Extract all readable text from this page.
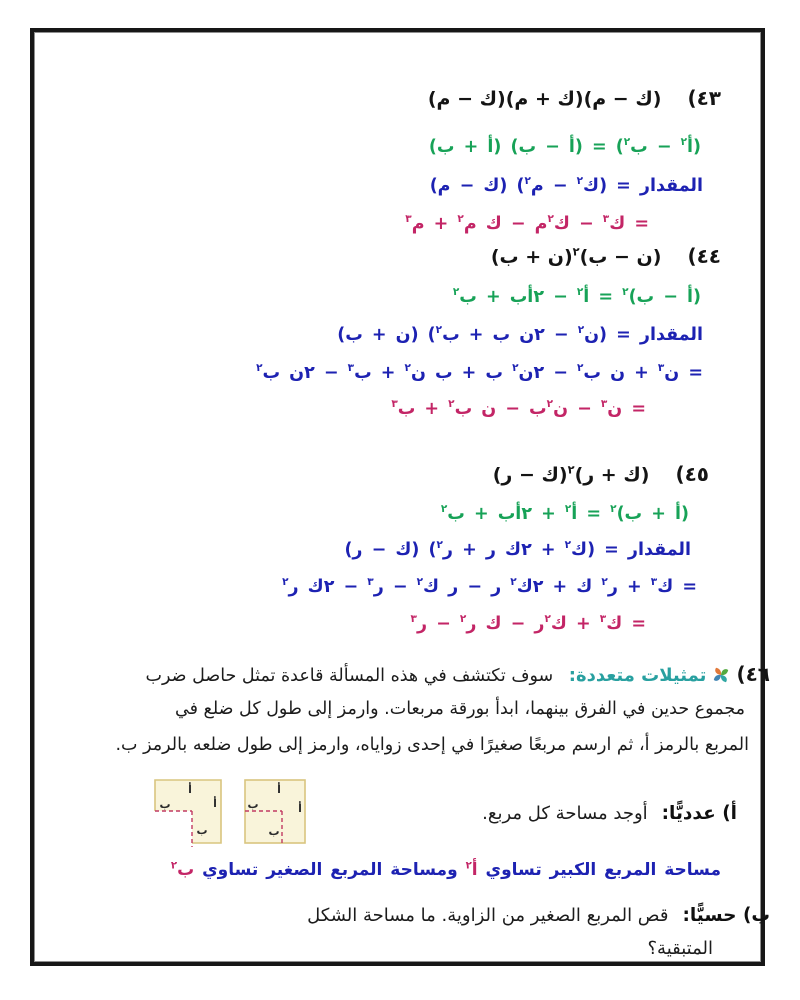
٤٣)(ك − م)(ك + م)(ك − م)
(أ$^٢$ − ب$^٢$) = (أ − ب) (أ + ب)
المقدار = (ك$^٢$ − م$^٢$) (ك − م)
= ك$^٣$ − ك$^٢$م − ك م$^٢$ + م$^٣$
٤٤)(ن − ب)$^٢$(ن + ب)
(أ − ب)$^٢$ = أ$^٢$ − ٢أب + ب$^٢$
المقدار = (ن$^٢$ − ٢ن ب + ب$^٢$) (ن + ب)
= ن$^٣$ + ن ب$^٢$ − ٢ن$^٢$ ب + ب ن$^٢$ + ب$^٣$ − ٢ن ب$^٢$
= ن$^٣$ − ن$^٢$ب − ن ب$^٢$ + ب$^٣$
٤٥)(ك + ر)$^٢$(ك − ر)
(أ + ب)$^٢$ = أ$^٢$ + ٢أب + ب$^٢$
المقدار = (ك$^٢$ + ٢ك ر + ر$^٢$) (ك − ر)
= ك$^٣$ + ر$^٢$ ك + ٢ك$^٢$ ر − ر ك$^٢$ − ر$^٣$ − ٢ك ر$^٢$
= ك$^٣$ + ك$^٢$ر − ك ر$^٢$ − ر$^٣$
٤٦)تمثيلات متعددة: سوف تكتشف في هذه المسألة قاعدة تمثل حاصل ضرب
مجموع حدين في الفرق بينهما، ابدأ بورقة مربعات. وارمز إلى طول كل ضلع في
المربع بالرمز أ، ثم ارسم مربعًا صغيرًا في إحدى زواياه، وارمز إلى طول ضلعه بالرمز ب.
أ
أ
ب
ب
أ
أ
ب
ب
أ) عدديًّا:أوجد مساحة كل مربع.
مساحة المربع الكبير تساوي أ$^٢$ ومساحة المربع الصغير تساوي ب$^٢$
ب) حسيًّا:قص المربع الصغير من الزاوية. ما مساحة الشكل
المتبقية؟
